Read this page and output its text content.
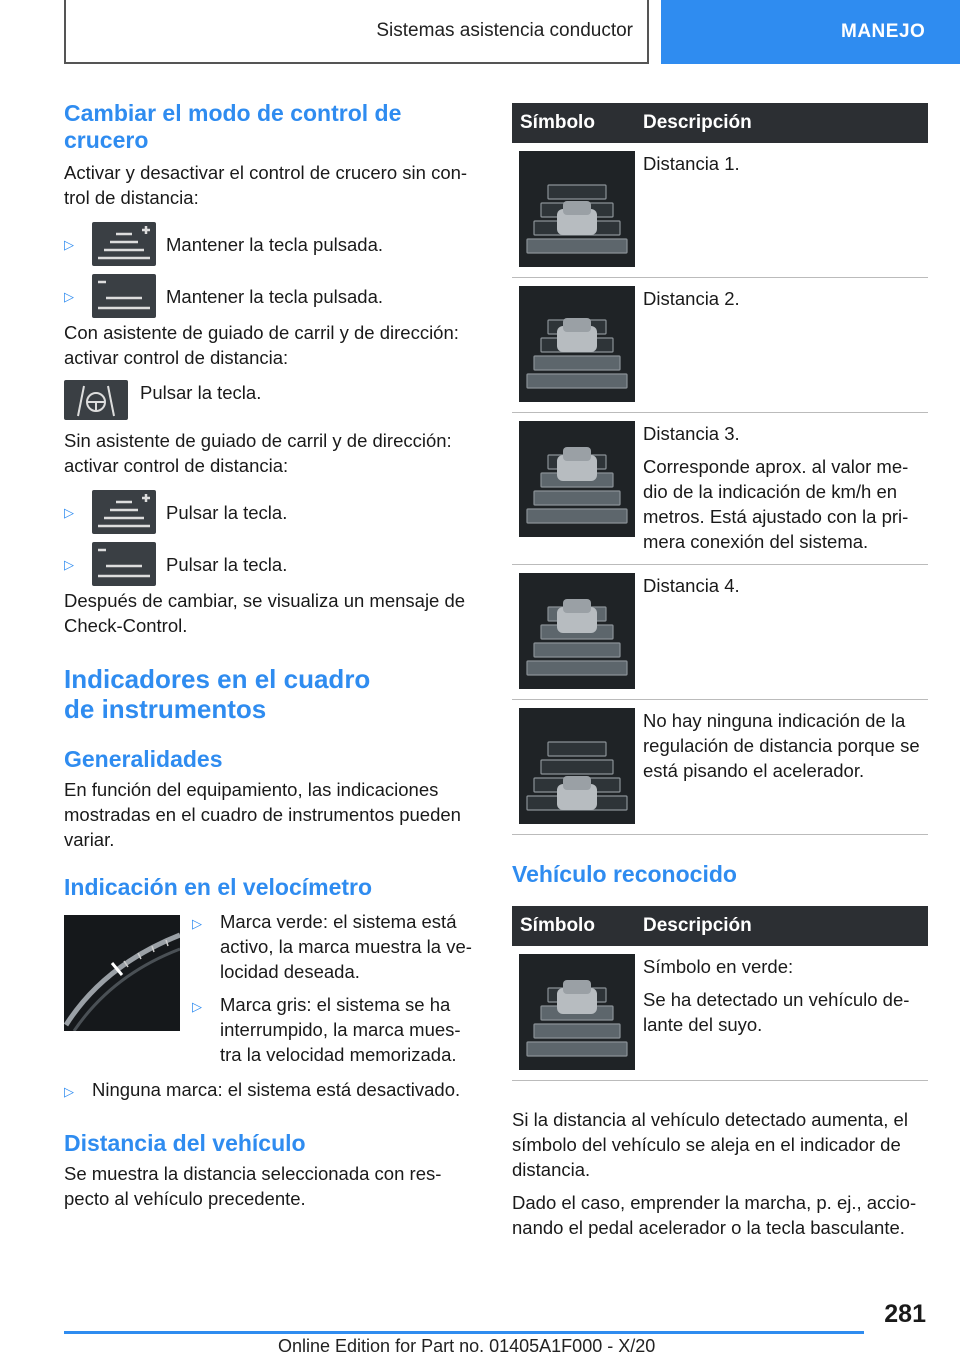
Sistemas asistencia conductor	MANEJO
Cambiar el modo de control de crucero

Activar y desactivar el control de crucero sin con-trol de distancia:

▷	Mantener la tecla pulsada.
▷	Mantener la tecla pulsada.

Con asistente de guiado de carril y de dirección: activar control de distancia:

Pulsar la tecla.

Sin asistente de guiado de carril y de dirección: activar control de distancia:

▷	Pulsar la tecla.
▷	Pulsar la tecla.

Después de cambiar, se visualiza un mensaje de Check-Control.

Indicadores en el cuadro
de instrumentos
Generalidades

En función del equipamiento, las indicaciones mostradas en el cuadro de instrumentos pueden variar.

Indicación en el velocímetro
▷ Marca verde: el sistema está activo, la marca muestra la ve-locidad deseada.
▷ Marca gris: el sistema se ha interrumpido, la marca mues-tra la velocidad memorizada.
▷ Ninguna marca: el sistema está desactivado.
Distancia del vehículo

Se muestra la distancia seleccionada con res-pecto al vehículo precedente.

Símbolo	Descripción

Distancia 1.

Distancia 2.

Distancia 3.

Corresponde aprox. al valor me-dio de la indicación de km/h en metros. Está ajustado con la pri-mera conexión del sistema.

Distancia 4.

No hay ninguna indicación de la regulación de distancia porque se está pisando el acelerador.

Vehículo reconocido
Símbolo	Descripción

Símbolo en verde:

Se ha detectado un vehículo de-lante del suyo.

Si la distancia al vehículo detectado aumenta, el símbolo del vehículo se aleja en el indicador de distancia.

Dado el caso, emprender la marcha, p. ej., accio-nando el pedal acelerador o la tecla basculante.

281
Online Edition for Part no. 01405A1F000 - X/20
